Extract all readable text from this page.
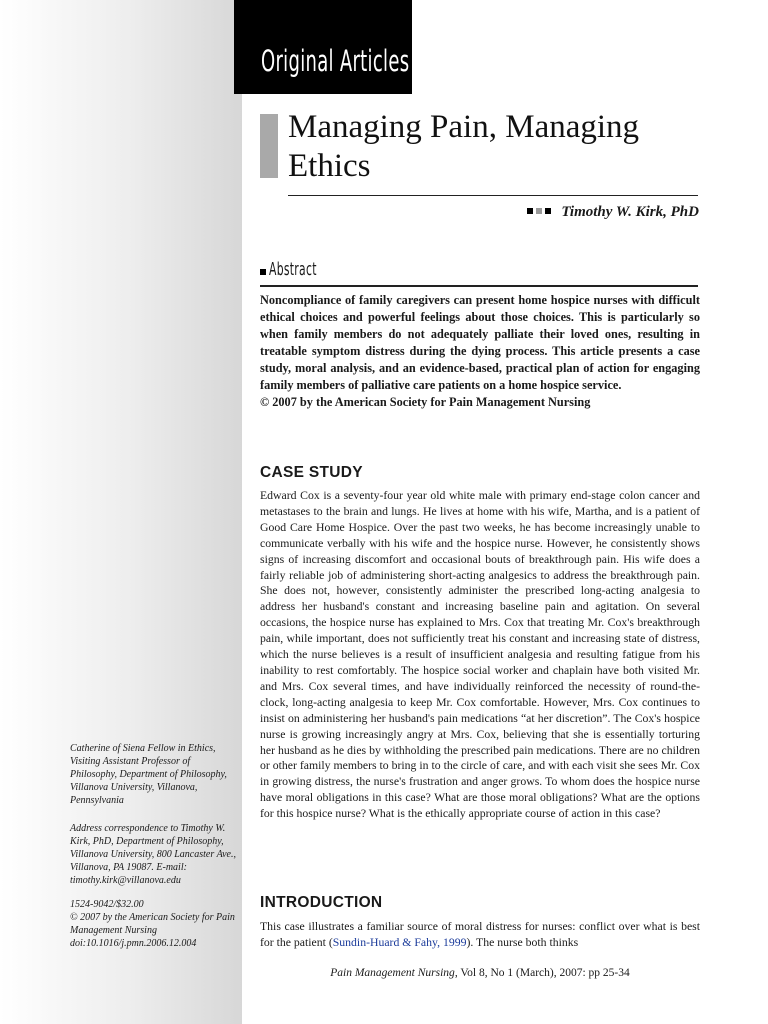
Original Articles
Managing Pain, Managing Ethics
Timothy W. Kirk, PhD
Abstract

Noncompliance of family caregivers can present home hospice nurses with difficult ethical choices and powerful feelings about those choices. This is particularly so when family members do not adequately palliate their loved ones, resulting in treatable symptom distress during the dying process. This article presents a case study, moral analysis, and an evidence-based, practical plan of action for engaging family members of palliative care patients on a home hospice service.

© 2007 by the American Society for Pain Management Nursing

CASE STUDY

Edward Cox is a seventy-four year old white male with primary end-stage colon cancer and metastases to the brain and lungs. He lives at home with his wife, Martha, and is a patient of Good Care Home Hospice. Over the past two weeks, he has become increasingly unable to communicate verbally with his wife and the hospice nurse. However, he consistently shows signs of increasing discomfort and occasional bouts of breakthrough pain. His wife does a fairly reliable job of administering short-acting analgesics to address the breakthrough pain. She does not, however, consistently administer the prescribed long-acting analgesia to address her husband's constant and increasing baseline pain and agitation. On several occasions, the hospice nurse has explained to Mrs. Cox that treating Mr. Cox's breakthrough pain, while important, does not sufficiently treat his constant and increasing state of distress, which the nurse believes is a result of insufficient analgesia and resulting fatigue from his inability to rest comfortably. The hospice social worker and chaplain have both visited Mr. and Mrs. Cox several times, and have individually reinforced the necessity of round-the-clock, long-acting analgesia to keep Mr. Cox comfortable. However, Mrs. Cox continues to insist on administering her husband's pain medications “at her discretion”. The Cox's hospice nurse is growing increasingly angry at Mrs. Cox, believing that she is essentially torturing her husband as he dies by withholding the prescribed pain medications. There are no children or other family members to bring in to the circle of care, and with each visit she sees Mr. Cox in growing distress, the nurse's frustration and anger grows. To whom does the hospice nurse have moral obligations in this case? What are those moral obligations? What are the options for this hospice nurse? What is the ethically appropriate course of action in this case?

INTRODUCTION

This case illustrates a familiar source of moral distress for nurses: conflict over what is best for the patient (Sundin-Huard & Fahy, 1999). The nurse both thinks

Catherine of Siena Fellow in Ethics, Visiting Assistant Professor of Philosophy, Department of Philosophy, Villanova University, Villanova, Pennsylvania

Address correspondence to Timothy W. Kirk, PhD, Department of Philosophy, Villanova University, 800 Lancaster Ave., Villanova, PA 19087. E-mail: timothy.kirk@villanova.edu

1524-9042/$32.00

© 2007 by the American Society for Pain Management Nursing

doi:10.1016/j.pmn.2006.12.004

Pain Management Nursing, Vol 8, No 1 (March), 2007: pp 25-34
